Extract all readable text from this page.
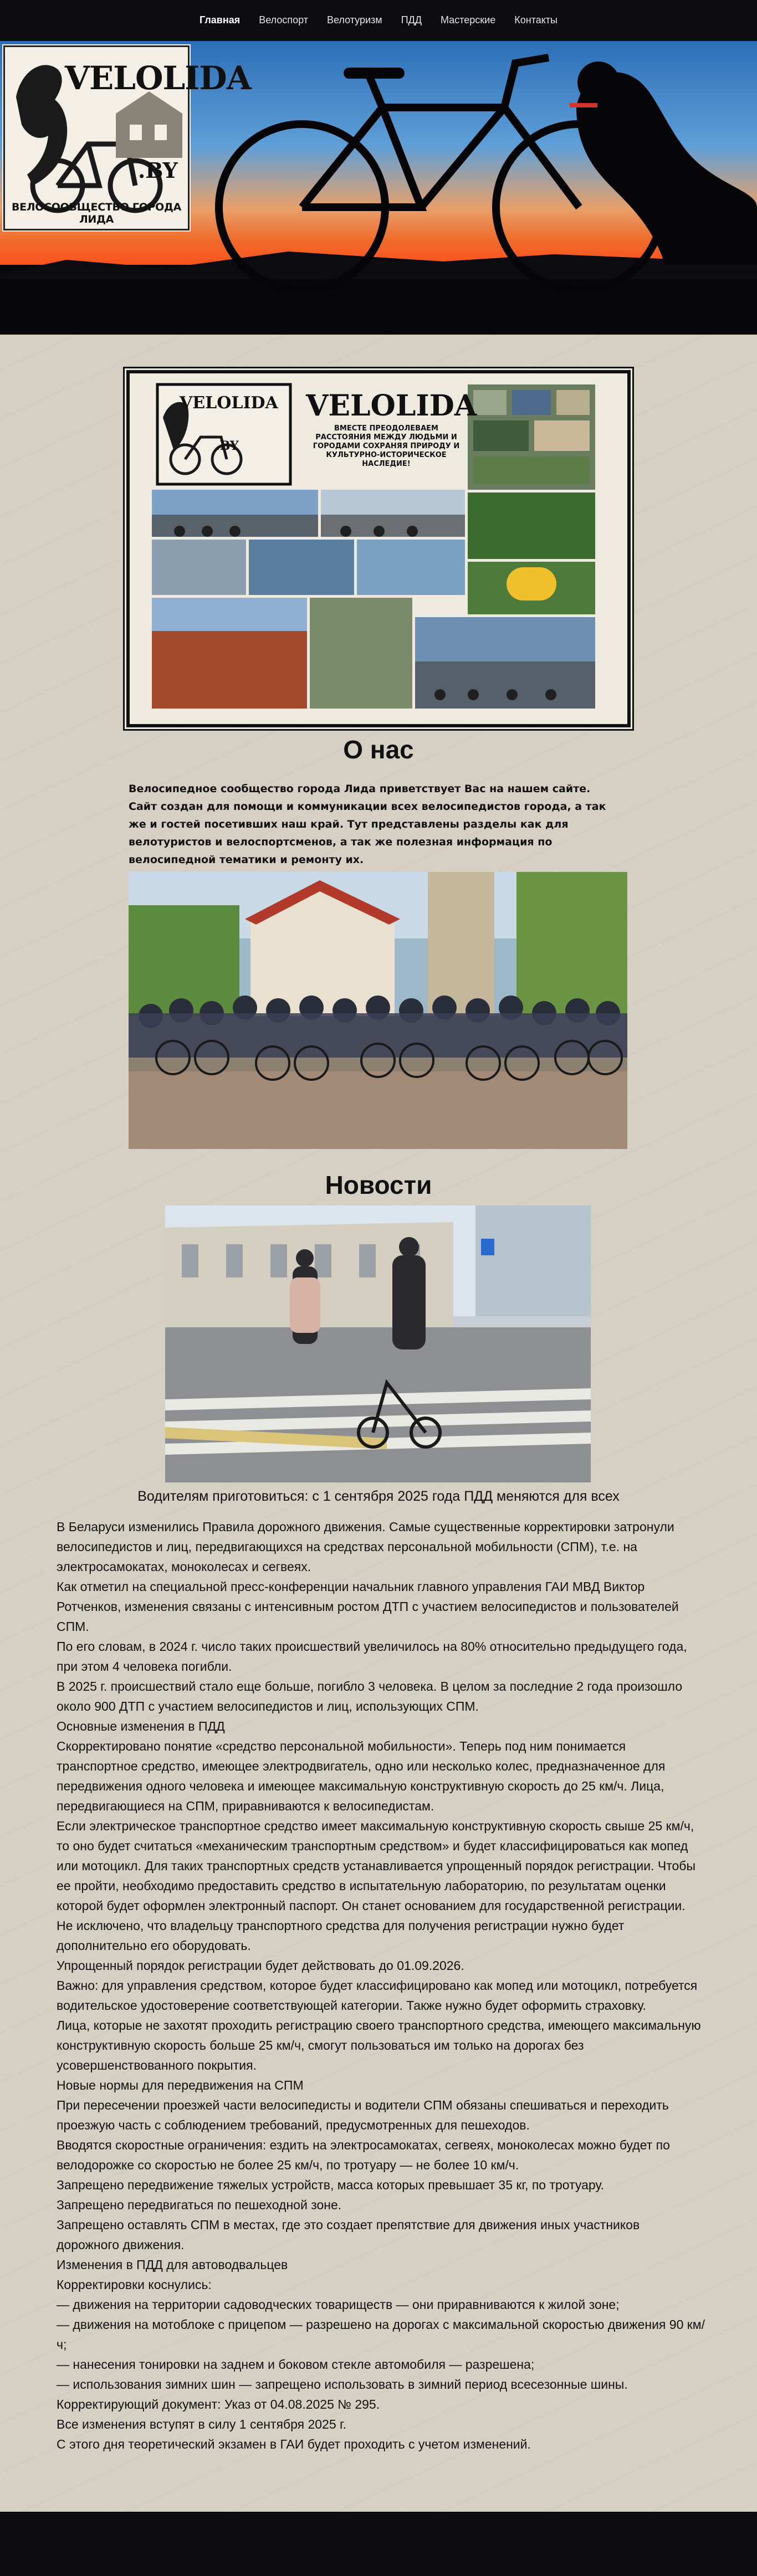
Главная Велоспорт Велотуризм ПДД Мастерские Контакты
VELOLIDA
.BY
ВЕЛОСООБЩЕСТВО ГОРОДА ЛИДА
VELOLIDA
.BY
VELOLIDA
ВМЕСТЕ ПРЕОДОЛЕВАЕМ РАССТОЯНИЯ МЕЖДУ ЛЮДЬМИ И ГОРОДАМИ СОХРАНЯЯ ПРИРОДУ И КУЛЬТУРНО-ИСТОРИЧЕСКОЕ НАСЛЕДИЕ!
О нас

Велосипедное сообщество города Лида приветствует Вас на нашем сайте.

Сайт создан для помощи и коммуникации всех велосипедистов города, а так же и гостей посетивших наш край. Тут представлены разделы как для велотуристов и велоспортсменов, а так же полезная информация по велосипедной тематики и ремонту их.

Новости
Водителям приготовиться: с 1 сентября 2025 года ПДД меняются для всех

В Беларуси изменились Правила дорожного движения. Самые существенные корректировки затронули велосипедистов и лиц, передвигающихся на средствах персональной мобильности (СПМ), т.е. на электросамокатах, моноколесах и сегвеях.

Как отметил на специальной пресс-конференции начальник главного управления ГАИ МВД Виктор Ротченков, изменения связаны с интенсивным ростом ДТП с участием велосипедистов и пользователей СПМ.

По его словам, в 2024 г. число таких происшествий увеличилось на 80% относительно предыдущего года, при этом 4 человека погибли.

В 2025 г. происшествий стало еще больше, погибло 3 человека. В целом за последние 2 года произошло около 900 ДТП с участием велосипедистов и лиц, использующих СПМ.

Основные изменения в ПДД

Скорректировано понятие «средство персональной мобильности». Теперь под ним понимается транспортное средство, имеющее электродвигатель, одно или несколько колес, предназначенное для передвижения одного человека и имеющее максимальную конструктивную скорость до 25 км/ч. Лица, передвигающиеся на СПМ, приравниваются к велосипедистам.

Если электрическое транспортное средство имеет максимальную конструктивную скорость свыше 25 км/ч, то оно будет считаться «механическим транспортным средством» и будет классифицироваться как мопед или мотоцикл. Для таких транспортных средств устанавливается упрощенный порядок регистрации. Чтобы ее пройти, необходимо предоставить средство в испытательную лабораторию, по результатам оценки которой будет оформлен электронный паспорт. Он станет основанием для государственной регистрации. Не исключено, что владельцу транспортного средства для получения регистрации нужно будет дополнительно его оборудовать.

Упрощенный порядок регистрации будет действовать до 01.09.2026.

Важно: для управления средством, которое будет классифицировано как мопед или мотоцикл, потребуется водительское удостоверение соответствующей категории. Также нужно будет оформить страховку.

Лица, которые не захотят проходить регистрацию своего транспортного средства, имеющего максимальную конструктивную скорость больше 25 км/ч, смогут пользоваться им только на дорогах без усовершенствованного покрытия.

Новые нормы для передвижения на СПМ

При пересечении проезжей части велосипедисты и водители СПМ обязаны спешиваться и переходить проезжую часть с соблюдением требований, предусмотренных для пешеходов.

Вводятся скоростные ограничения: ездить на электросамокатах, сегвеях, моноколесах можно будет по велодорожке со скоростью не более 25 км/ч, по тротуару — не более 10 км/ч.

Запрещено передвижение тяжелых устройств, масса которых превышает 35 кг, по тротуару.

Запрещено передвигаться по пешеходной зоне.

Запрещено оставлять СПМ в местах, где это создает препятствие для движения иных участников дорожного движения.

Изменения в ПДД для автоводвальцев

Корректировки коснулись:

— движения на территории садоводческих товариществ — они приравниваются к жилой зоне;

— движения на мотоблоке с прицепом — разрешено на дорогах с максимальной скоростью движения 90 км/ч;

— нанесения тонировки на заднем и боковом стекле автомобиля — разрешена;

— использования зимних шин — запрещено использовать в зимний период всесезонные шины.

Корректирующий документ: Указ от 04.08.2025 № 295.

Все изменения вступят в силу 1 сентября 2025 г.

С этого дня теоретический экзамен в ГАИ будет проходить с учетом изменений.
